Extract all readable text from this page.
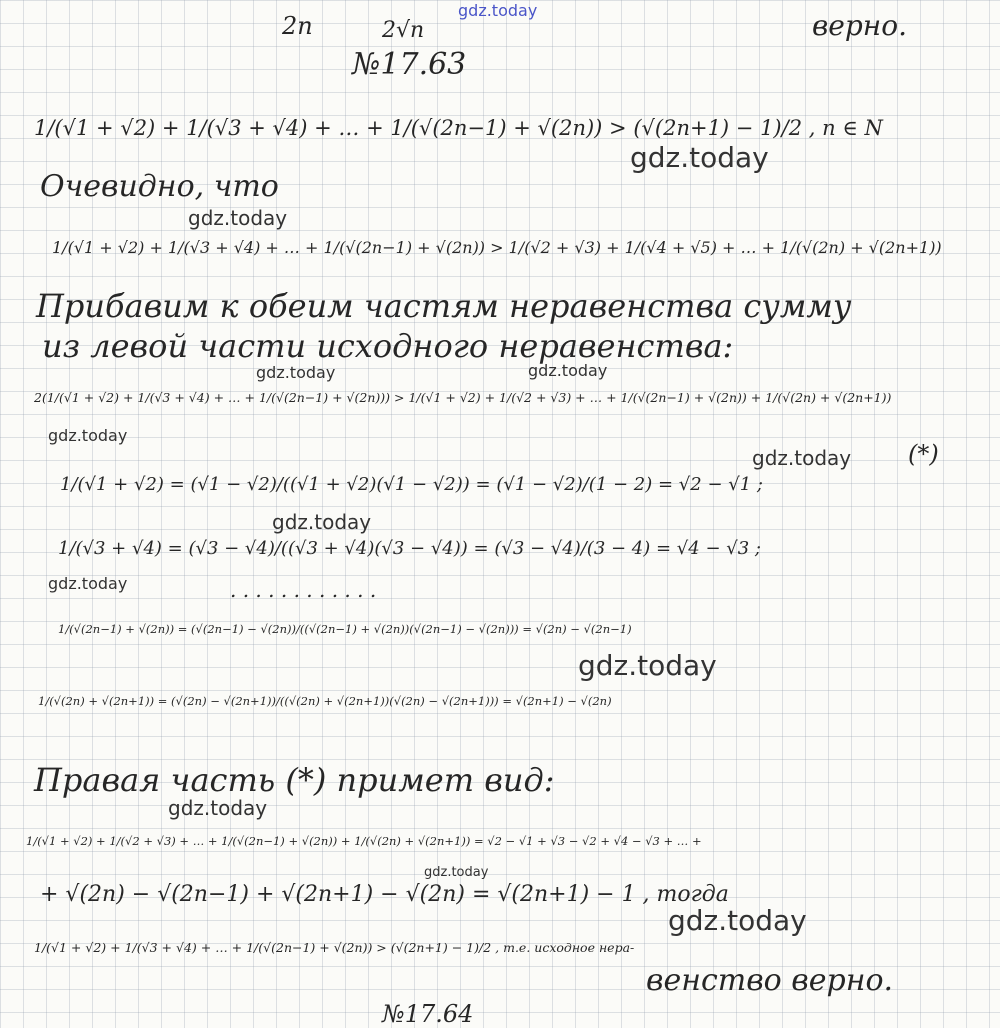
gdz.today
2n	2√n	верно.
№17.63
1/(√1 + √2) + 1/(√3 + √4) + … + 1/(√(2n−1) + √(2n)) > (√(2n+1) − 1)/2 , n ∈ N
gdz.today
Очевидно, что
gdz.today
1/(√1 + √2) + 1/(√3 + √4) + … + 1/(√(2n−1) + √(2n)) > 1/(√2 + √3) + 1/(√4 + √5) + … + 1/(√(2n) + √(2n+1))
Прибавим к обеим частям неравенства сумму
из левой части исходного неравенства:
gdz.today	gdz.today
2(1/(√1 + √2) + 1/(√3 + √4) + … + 1/(√(2n−1) + √(2n))) > 1/(√1 + √2) + 1/(√2 + √3) + … + 1/(√(2n−1) + √(2n)) + 1/(√(2n) + √(2n+1))
gdz.today
gdz.today (*)
1/(√1 + √2) = (√1 − √2)/((√1 + √2)(√1 − √2)) = (√1 − √2)/(1 − 2) = √2 − √1 ;
gdz.today
1/(√3 + √4) = (√3 − √4)/((√3 + √4)(√3 − √4)) = (√3 − √4)/(3 − 4) = √4 − √3 ;
gdz.today	. . . . . . . . . . . .
1/(√(2n−1) + √(2n)) = (√(2n−1) − √(2n))/((√(2n−1) + √(2n))(√(2n−1) − √(2n))) = √(2n) − √(2n−1)
gdz.today
1/(√(2n) + √(2n+1)) = (√(2n) − √(2n+1))/((√(2n) + √(2n+1))(√(2n) − √(2n+1))) = √(2n+1) − √(2n)
Правая часть (*) примет вид:
gdz.today
1/(√1 + √2) + 1/(√2 + √3) + … + 1/(√(2n−1) + √(2n)) + 1/(√(2n) + √(2n+1)) = √2 − √1 + √3 − √2 + √4 − √3 + … +
gdz.today
+ √(2n) − √(2n−1) + √(2n+1) − √(2n) = √(2n+1) − 1 , тогда
gdz.today
1/(√1 + √2) + 1/(√3 + √4) + … + 1/(√(2n−1) + √(2n)) > (√(2n+1) − 1)/2 , т.е. исходное нера-
венство верно.
№17.64
